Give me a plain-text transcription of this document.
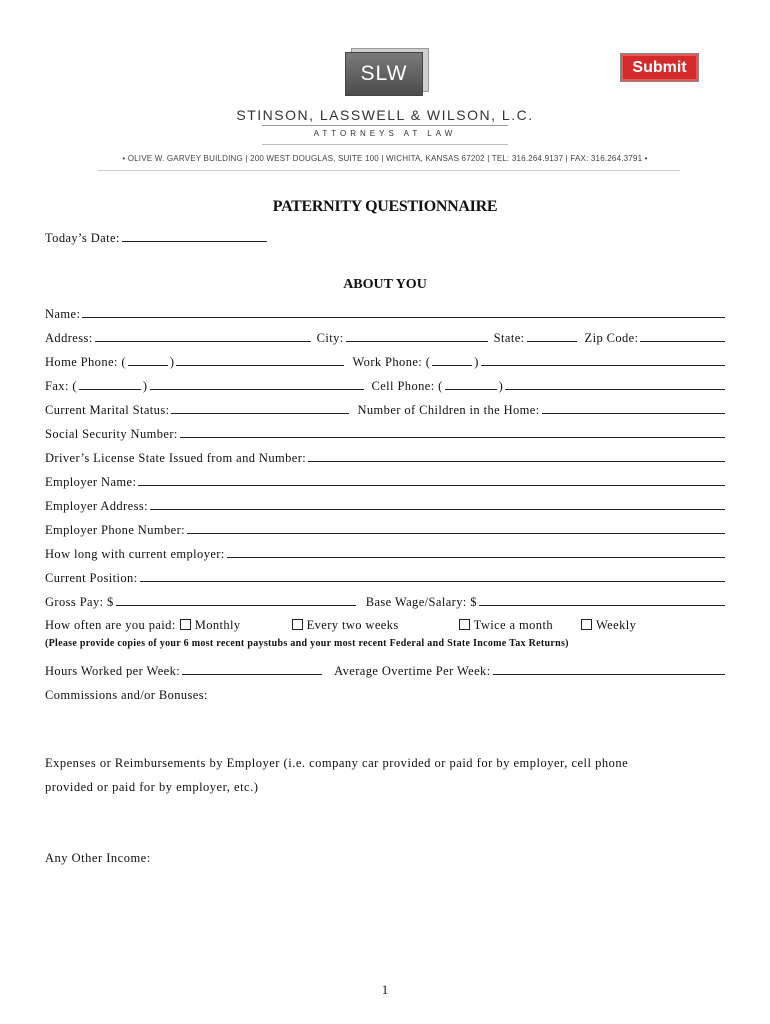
Submit
SLW
STINSON, LASSWELL & WILSON, L.C.
ATTORNEYS AT LAW
• OLIVE W. GARVEY BUILDING | 200 WEST DOUGLAS, SUITE 100 | WICHITA, KANSAS 67202 | TEL: 316.264.9137 | FAX: 316.264.3791 •
PATERNITY QUESTIONNAIRE
Today’s Date:
ABOUT YOU
Name:
Address:	City:	State:	Zip Code:
Home Phone: (	)	Work Phone: (	)
Fax: (	)	Cell Phone: (	)
Current Marital Status:	Number of Children in the Home:
Social Security Number:
Driver’s License State Issued from and Number:
Employer Name:
Employer Address:
Employer Phone Number:
How long with current employer:
Current Position:
Gross Pay: $	Base Wage/Salary: $
How often are you paid: Monthly	Every two weeks	Twice a month	Weekly
(Please provide copies of your 6 most recent paystubs and your most recent Federal and State Income Tax Returns)
Hours Worked per Week:	Average Overtime Per Week:
Commissions and/or Bonuses:
Expenses or Reimbursements by Employer (i.e. company car provided or paid for by employer, cell phone
provided or paid for by employer, etc.)
Any Other Income:
1
